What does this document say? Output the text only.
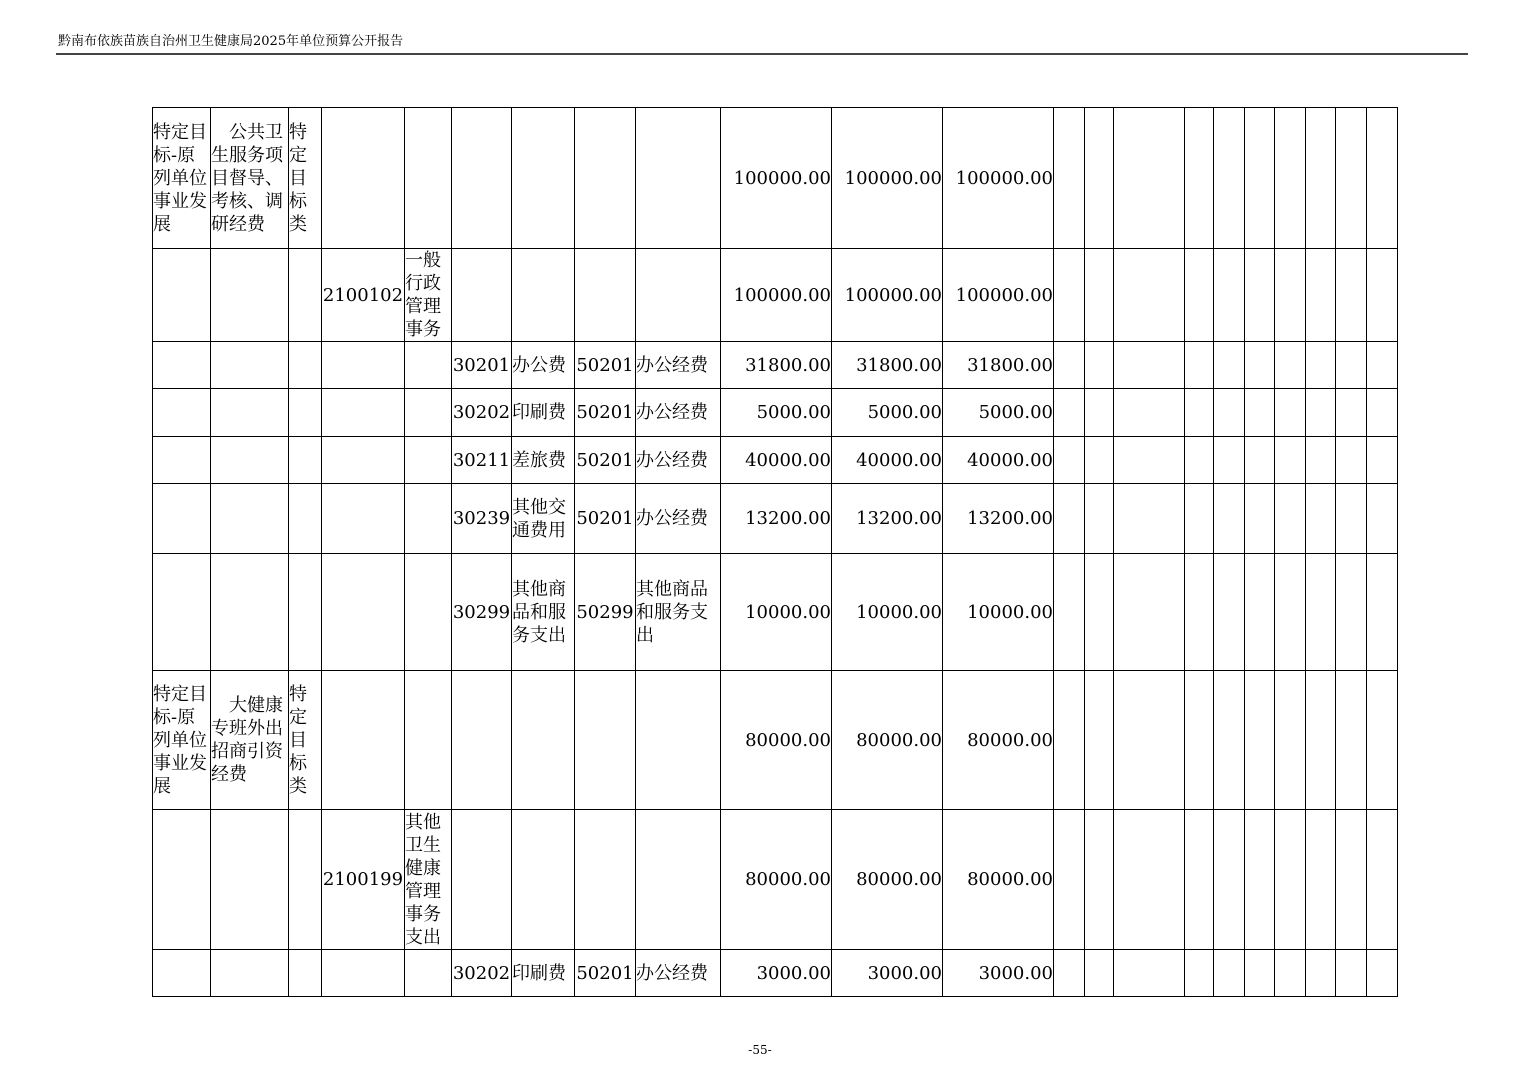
黔南布依族苗族自治州卫生健康局2025年单位预算公开报告
特定目标-原列单位事业发展	　公共卫生服务项目督导、考核、调研经费	特定目标类							100000.00	100000.00	100000.00										
			2100102	一般行政管理事务					100000.00	100000.00	100000.00										
					30201	办公费	50201	办公经费	31800.00	31800.00	31800.00										
					30202	印刷费	50201	办公经费	5000.00	5000.00	5000.00										
					30211	差旅费	50201	办公经费	40000.00	40000.00	40000.00										
					30239	其他交通费用	50201	办公经费	13200.00	13200.00	13200.00										
					30299	其他商品和服务支出	50299	其他商品和服务支出	10000.00	10000.00	10000.00										
特定目标-原列单位事业发展	　大健康专班外出招商引资经费	特定目标类							80000.00	80000.00	80000.00										
			2100199	其他卫生健康管理事务支出					80000.00	80000.00	80000.00										
					30202	印刷费	50201	办公经费	3000.00	3000.00	3000.00										
-55-
